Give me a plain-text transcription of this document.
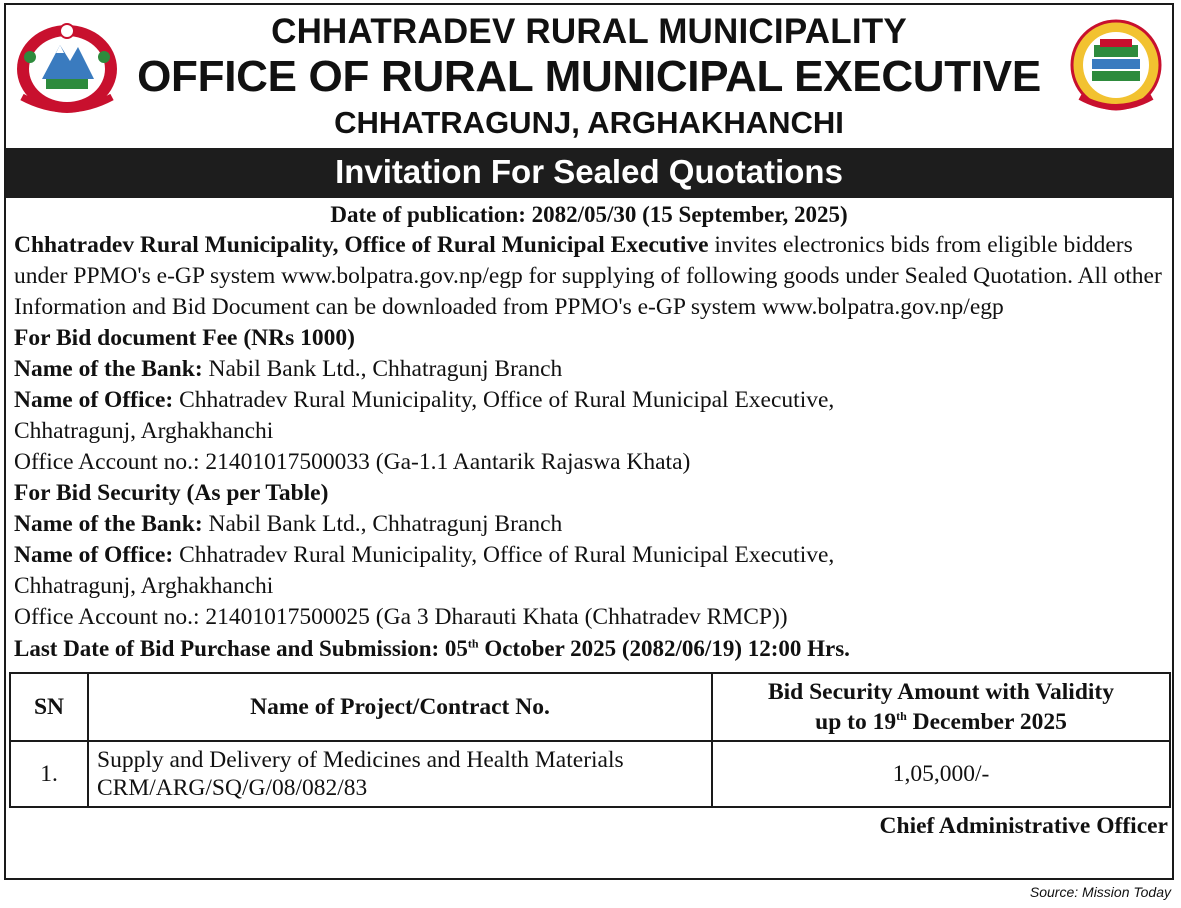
CHHATRADEV RURAL MUNICIPALITY
OFFICE OF RURAL MUNICIPAL EXECUTIVE
CHHATRAGUNJ, ARGHAKHANCHI
Invitation For Sealed Quotations
Date of publication: 2082/05/30 (15 September, 2025)
Chhatradev Rural Municipality, Office of Rural Municipal Executive invites electronics bids from eligible bidders under PPMO's e-GP system www.bolpatra.gov.np/egp for supplying of following goods under Sealed Quotation. All other Information and Bid Document can be downloaded from PPMO's e-GP system www.bolpatra.gov.np/egp
For Bid document Fee (NRs 1000)
Name of the Bank: Nabil Bank Ltd., Chhatragunj Branch
Name of Office: Chhatradev Rural Municipality, Office of Rural Municipal Executive,
Chhatragunj, Arghakhanchi
Office Account no.: 21401017500033 (Ga-1.1 Aantarik Rajaswa Khata)
For Bid Security (As per Table)
Name of the Bank: Nabil Bank Ltd., Chhatragunj Branch
Name of Office: Chhatradev Rural Municipality, Office of Rural Municipal Executive,
Chhatragunj, Arghakhanchi
Office Account no.: 21401017500025 (Ga 3 Dharauti Khata (Chhatradev RMCP))
Last Date of Bid Purchase and Submission: 05th October 2025 (2082/06/19) 12:00 Hrs.
SN	Name of Project/Contract No.	Bid Security Amount with Validity
up to 19th December 2025

1.	Supply and Delivery of Medicines and Health Materials
CRM/ARG/SQ/G/08/082/83	1,05,000/-
Chief Administrative Officer
Source: Mission Today
